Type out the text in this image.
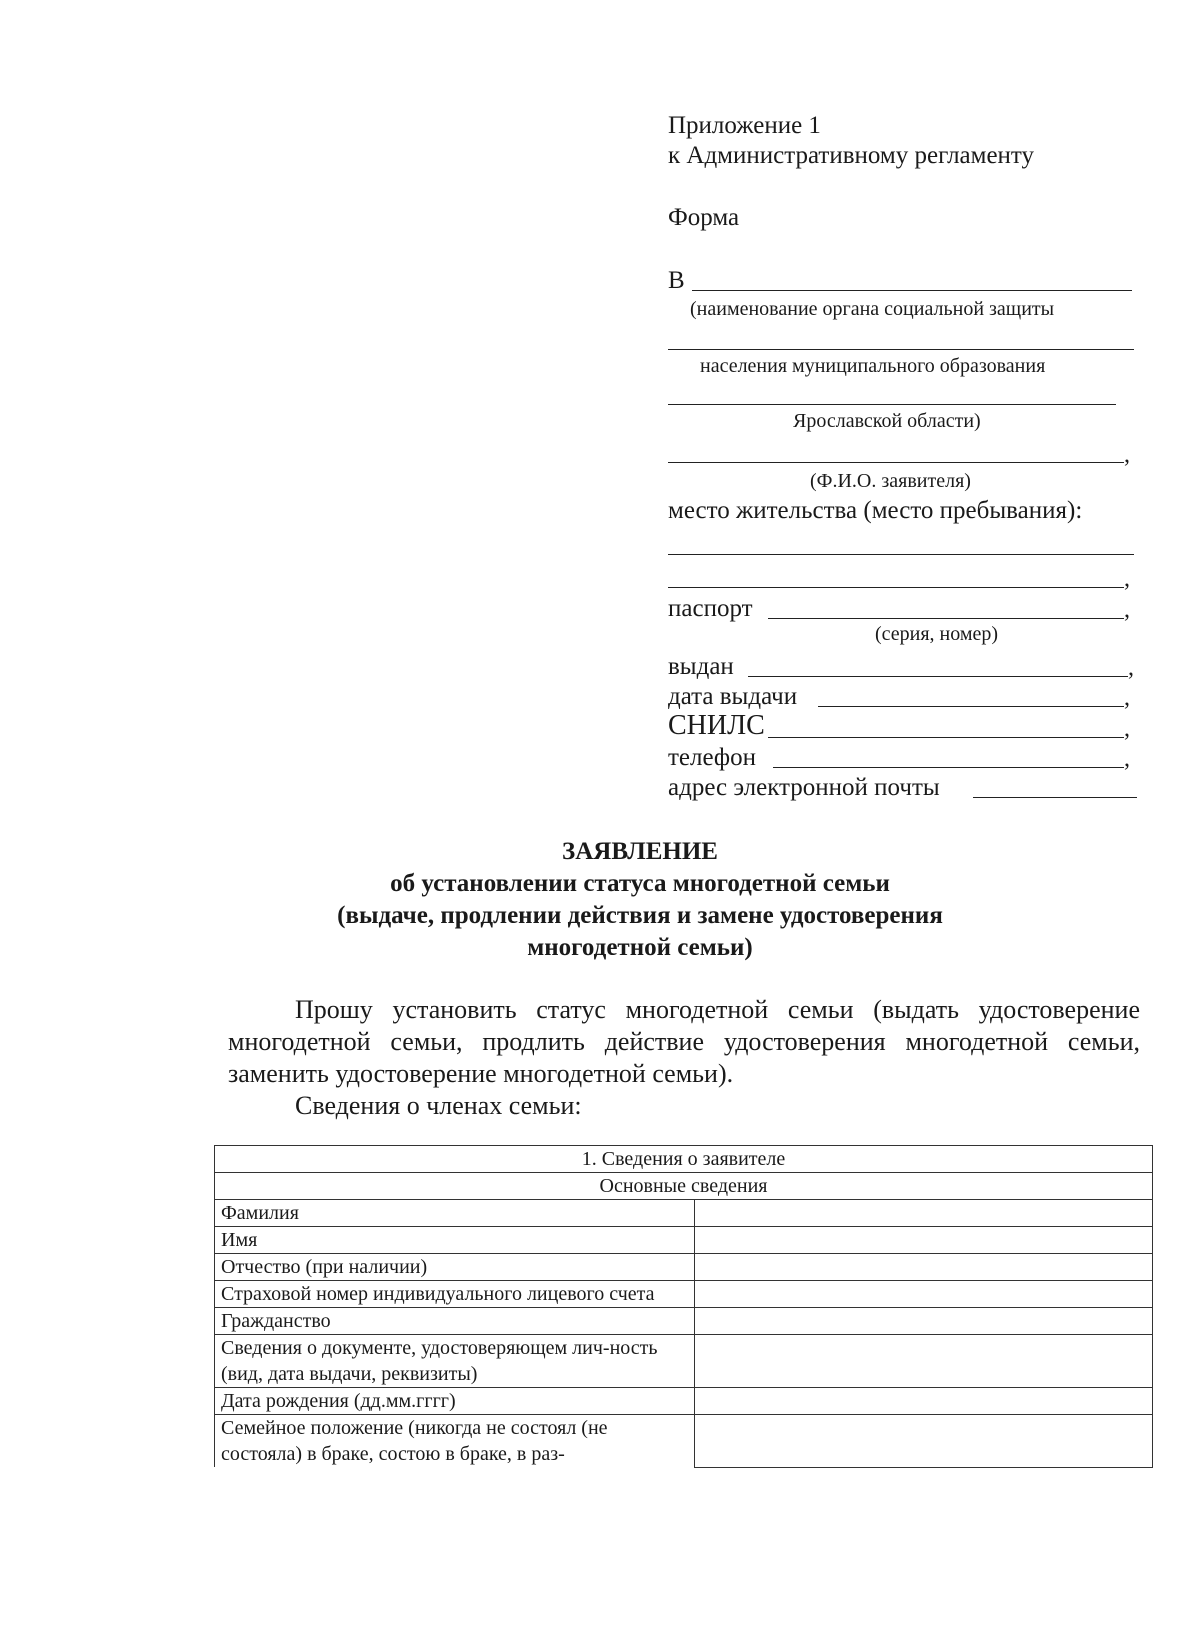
Приложение 1
к Административному регламенту
Форма
В
(наименование органа социальной защиты
населения муниципального образования
Ярославской области)
,
(Ф.И.О. заявителя)
место жительства (место пребывания):
,
паспорт	,
(серия, номер)
выдан	,
дата выдачи	,
СНИЛС	,
телефон	,
адрес электронной почты
ЗАЯВЛЕНИЕ
об установлении статуса многодетной семьи
(выдаче, продлении действия и замене удостоверения
многодетной семьи)
Прошу установить статус многодетной семьи (выдать удостоверение
многодетной семьи, продлить действие удостоверения многодетной семьи,
заменить удостоверение многодетной семьи).
Сведения о членах семьи:
1. Сведения о заявителе	
Основные сведения	
Фамилия	
Имя	
Отчество (при наличии)	
Страховой номер индивидуального лицевого счета	
Гражданство	
Сведения о документе, удостоверяющем лич-ность (вид, дата выдачи, реквизиты)	
Дата рождения (дд.мм.гггг)	
Семейное положение (никогда не состоял (не состояла) в браке, состою в браке, в раз-	
